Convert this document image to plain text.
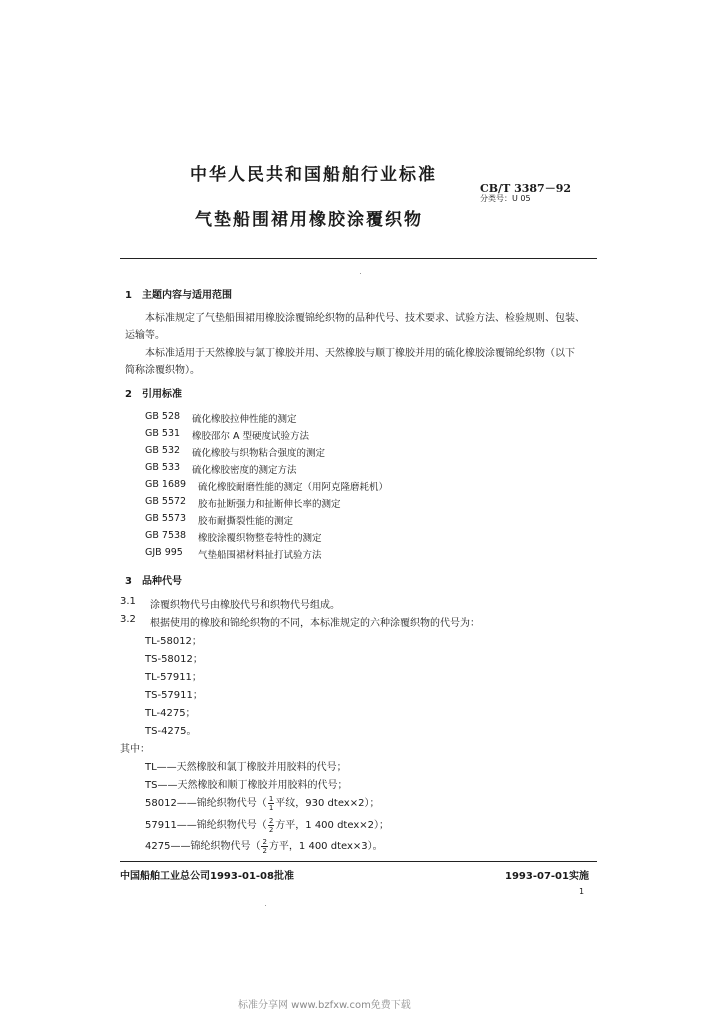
中华人民共和国船舶行业标准
CB/T 3387－92
分类号：U 05
气垫船围裙用橡胶涂覆织物
1　主题内容与适用范围
本标准规定了气垫船围裙用橡胶涂覆锦纶织物的品种代号、技术要求、试验方法、检验规则、包装、
运输等。
本标准适用于天然橡胶与氯丁橡胶并用、天然橡胶与顺丁橡胶并用的硫化橡胶涂覆锦纶织物（以下
简称涂覆织物）。
2　引用标准
GB 528 硫化橡胶拉伸性能的测定
GB 531 橡胶邵尔 A 型硬度试验方法
GB 532 硫化橡胶与织物粘合强度的测定
GB 533 硫化橡胶密度的测定方法
GB 1689 硫化橡胶耐磨性能的测定（用阿克隆磨耗机）
GB 5572 胶布扯断强力和扯断伸长率的测定
GB 5573 胶布耐撕裂性能的测定
GB 7538 橡胶涂覆织物整卷特性的测定
GJB 995 气垫船围裙材料扯打试验方法
3　品种代号
3.1 涂覆织物代号由橡胶代号和织物代号组成。
3.2 根据使用的橡胶和锦纶织物的不同，本标准规定的六种涂覆织物的代号为：
TL-58012；
TS-58012；
TL-57911；
TS-57911；
TL-4275；
TS-4275。
其中：
TL——天然橡胶和氯丁橡胶并用胶料的代号；
TS——天然橡胶和顺丁橡胶并用胶料的代号；
58012——锦纶织物代号（ $\frac{1}{1}$ 平纹，930 dtex×2）；
57911——锦纶织物代号（ $\frac{2}{2}$ 方平，1 400 dtex×2）；
4275——锦纶织物代号（ $\frac{2}{2}$ 方平，1 400 dtex×3）。
中国船舶工业总公司1993-01-08批准	1993-07-01实施
1
标准分享网 www.bzfxw.com免费下载
